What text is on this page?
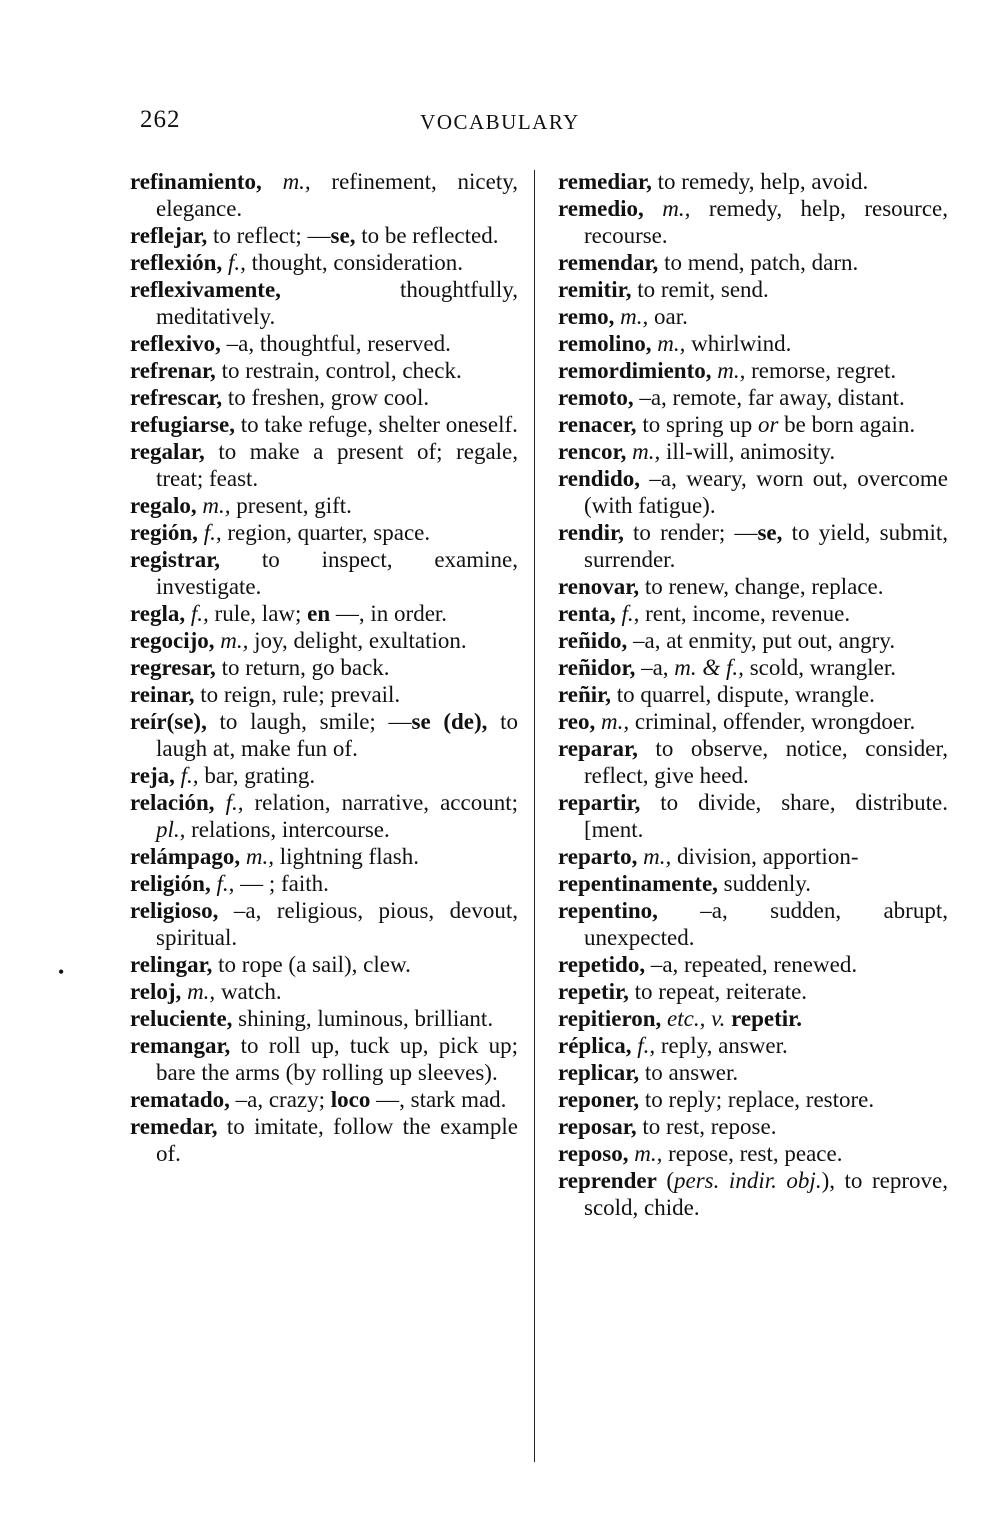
262	VOCABULARY

refinamiento, m., refinement, nicety, elegance.

reflejar, to reflect; —se, to be reflected.

reflexión, f., thought, consideration.

reflexivamente, thoughtfully, meditatively.

reflexivo, –a, thoughtful, reserved.

refrenar, to restrain, control, check.

refrescar, to freshen, grow cool.

refugiarse, to take refuge, shelter oneself.

regalar, to make a present of; regale, treat; feast.

regalo, m., present, gift.

región, f., region, quarter, space.

registrar, to inspect, examine, investigate.

regla, f., rule, law; en —, in order.

regocijo, m., joy, delight, exultation.

regresar, to return, go back.

reinar, to reign, rule; prevail.

reír(se), to laugh, smile; —se (de), to laugh at, make fun of.

reja, f., bar, grating.

relación, f., relation, narrative, account; pl., relations, intercourse.

relámpago, m., lightning flash.

religión, f., — ; faith.

religioso, –a, religious, pious, devout, spiritual.

relingar, to rope (a sail), clew.

reloj, m., watch.

reluciente, shining, luminous, brilliant.

remangar, to roll up, tuck up, pick up; bare the arms (by rolling up sleeves).

rematado, –a, crazy; loco —, stark mad.

remedar, to imitate, follow the example of.

remediar, to remedy, help, avoid.

remedio, m., remedy, help, resource, recourse.

remendar, to mend, patch, darn.

remitir, to remit, send.

remo, m., oar.

remolino, m., whirlwind.

remordimiento, m., remorse, regret.

remoto, –a, remote, far away, distant.

renacer, to spring up or be born again.

rencor, m., ill-will, animosity.

rendido, –a, weary, worn out, overcome (with fatigue).

rendir, to render; —se, to yield, submit, surrender.

renovar, to renew, change, replace.

renta, f., rent, income, revenue.

reñido, –a, at enmity, put out, angry.

reñidor, –a, m. & f., scold, wrangler.

reñir, to quarrel, dispute, wrangle.

reo, m., criminal, offender, wrongdoer.

reparar, to observe, notice, consider, reflect, give heed.

repartir, to divide, share, distribute. [ment.

reparto, m., division, apportion-

repentinamente, suddenly.

repentino, –a, sudden, abrupt, unexpected.

repetido, –a, repeated, renewed.

repetir, to repeat, reiterate.

repitieron, etc., v. repetir.

réplica, f., reply, answer.

replicar, to answer.

reponer, to reply; replace, restore.

reposar, to rest, repose.

reposo, m., repose, rest, peace.

reprender (pers. indir. obj.), to reprove, scold, chide.

•
